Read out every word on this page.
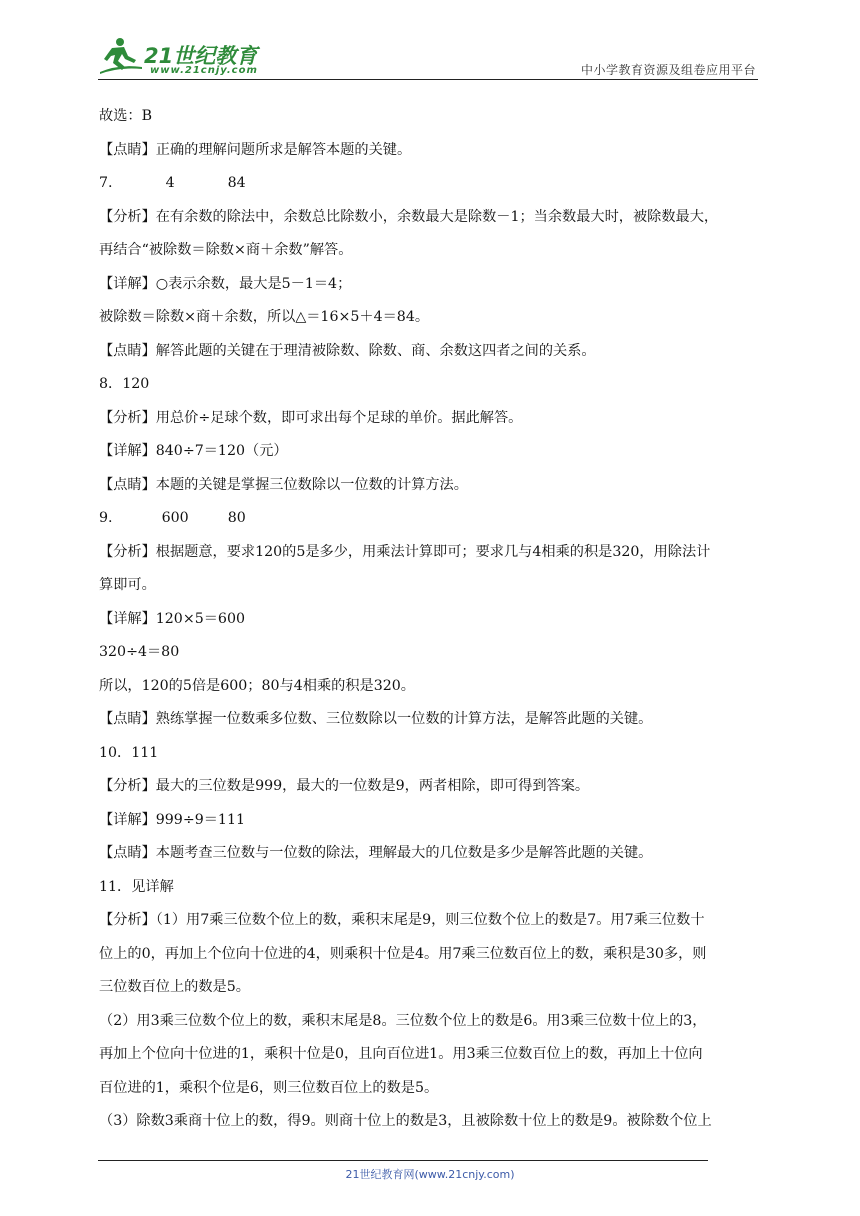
21世纪教育
www.21cnjy.com	中小学教育资源及组卷应用平台
故选：B
【点睛】正确的理解问题所求是解答本题的关键。
7.	4	84
【分析】在有余数的除法中，余数总比除数小，余数最大是除数－1；当余数最大时，被除数最大，
再结合“被除数＝除数×商＋余数”解答。
【详解】○表示余数，最大是5－1＝4；
被除数＝除数×商＋余数，所以△＝16×5＋4＝84。
【点睛】解答此题的关键在于理清被除数、除数、商、余数这四者之间的关系。
8．120
【分析】用总价÷足球个数，即可求出每个足球的单价。据此解答。
【详解】840÷7＝120（元）
【点睛】本题的关键是掌握三位数除以一位数的计算方法。
9.	600	80
【分析】根据题意，要求120的5是多少，用乘法计算即可；要求几与4相乘的积是320，用除法计
算即可。
【详解】120×5＝600
320÷4＝80
所以，120的5倍是600；80与4相乘的积是320。
【点睛】熟练掌握一位数乘多位数、三位数除以一位数的计算方法，是解答此题的关键。
10．111
【分析】最大的三位数是999，最大的一位数是9，两者相除，即可得到答案。
【详解】999÷9＝111
【点睛】本题考查三位数与一位数的除法，理解最大的几位数是多少是解答此题的关键。
11．见详解
【分析】（1）用7乘三位数个位上的数，乘积末尾是9，则三位数个位上的数是7。用7乘三位数十
位上的0，再加上个位向十位进的4，则乘积十位是4。用7乘三位数百位上的数，乘积是30多，则
三位数百位上的数是5。
（2）用3乘三位数个位上的数，乘积末尾是8。三位数个位上的数是6。用3乘三位数十位上的3，
再加上个位向十位进的1，乘积十位是0，且向百位进1。用3乘三位数百位上的数，再加上十位向
百位进的1，乘积个位是6，则三位数百位上的数是5。
（3）除数3乘商十位上的数，得9。则商十位上的数是3，且被除数十位上的数是9。被除数个位上
21世纪教育网(www.21cnjy.com)
